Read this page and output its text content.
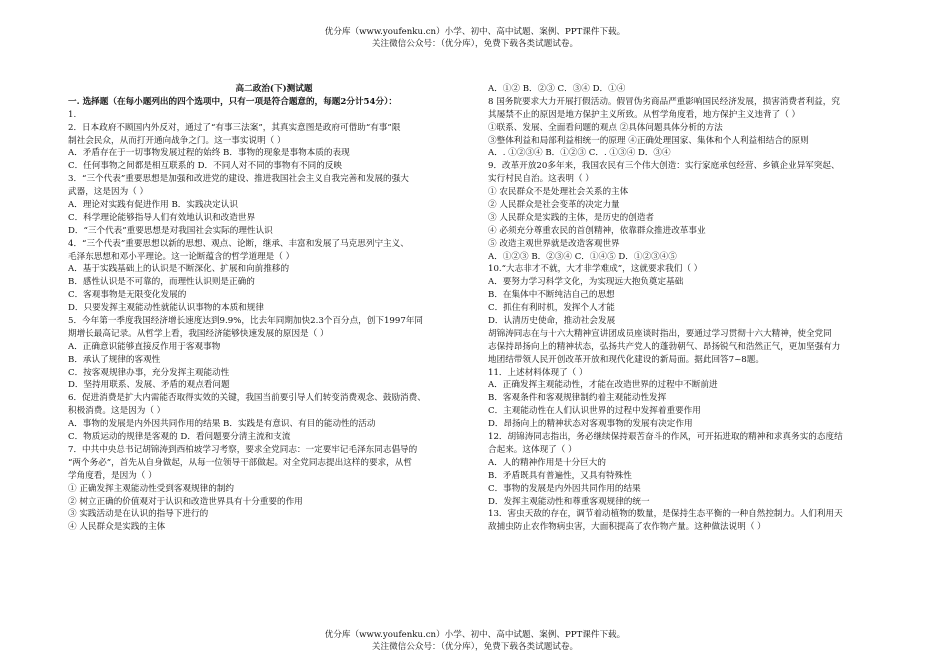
优分库（www.youfenku.cn）小学、初中、高中试题、案例、PPT课件下载。
关注微信公众号：（优分库），免费下载各类试题试卷。
高二政治(下)测试题
一. 选择题（在每小题列出的四个选项中，只有一项是符合题意的，每题2分计54分）：
1.
2．日本政府不顾国内外反对，通过了“有事三法案”，其真实意图是政府可借助“有事”限
制社会民众，从而打开通向战争之门。这一事实说明（ ）
A．矛盾存在于一切事物发展过程的始终 B．事物的现象是事物本质的表现
C．任何事物之间都是相互联系的 D．不同人对不同的事物有不同的反映
3．“三个代表”重要思想是加强和改进党的建设、推进我国社会主义自我完善和发展的强大
武器，这是因为（ ）
A．理论对实践有促进作用 B．实践决定认识
C．科学理论能够指导人们有效地认识和改造世界
D．“三个代表”重要思想是对我国社会实际的理性认识
4．“三个代表”重要思想以新的思想、观点、论断，继承、丰富和发展了马克思列宁主义、
毛泽东思想和邓小平理论。这一论断蕴含的哲学道理是（ ）
A．基于实践基础上的认识是不断深化、扩展和向前推移的
B．感性认识是不可靠的，而理性认识则是正确的
C．客观事物是无限变化发展的
D．只要发挥主观能动性就能认识事物的本质和规律
5．今年第一季度我国经济增长速度达到9.9%，比去年同期加快2.3个百分点，创下1997年同
期增长最高记录。从哲学上看，我国经济能够快速发展的原因是（ ）
A．正确意识能够直接反作用于客观事物
B．承认了规律的客观性
C．按客观规律办事，充分发挥主观能动性
D．坚持用联系、发展、矛盾的观点看问题
6．促进消费是扩大内需能否取得实效的关键，我国当前要引导人们转变消费观念、鼓励消费、
积极消费。这是因为（ ）
A．事物的发展是内外因共同作用的结果 B．实践是有意识、有目的能动性的活动
C．物质运动的规律是客观的 D．看问题要分清主流和支流
7．中共中央总书记胡锦涛到西柏坡学习考察，要求全党同志：一定要牢记毛泽东同志倡导的
“两个务必”，首先从自身做起，从每一位领导干部做起。对全党同志提出这样的要求，从哲
学角度看，是因为（ ）
① 正确发挥主观能动性受到客观规律的制约
② 树立正确的价值观对于认识和改造世界具有十分重要的作用
③ 实践活动是在认识的指导下进行的
④ 人民群众是实践的主体
A．①② B．②③ C．③④ D．①④
8 国务院要求大力开展打假活动。假冒伪劣商品严重影响国民经济发展，损害消费者利益，究
其屡禁不止的原因是地方保护主义所致。从哲学角度看，地方保护主义违背了（ ）
①联系、发展、全面看问题的观点 ②具体问题具体分析的方法
③整体利益和局部利益相统一的原理 ④正确处理国家、集体和个人利益相结合的原则
A．. ①②③④ B．①②③ C．. ①③④ D．③④
9．改革开放20多年来，我国农民有三个伟大创造：实行家庭承包经营、乡镇企业异军突起、
实行村民自治。这表明（ ）
① 农民群众不是处理社会关系的主体
② 人民群众是社会变革的决定力量
③ 人民群众是实践的主体，是历史的创造者
④ 必须充分尊重农民的首创精神，依靠群众推进改革事业
⑤ 改造主观世界就是改造客观世界
A．①②③ B．②③④ C．①④⑤ D．①②③④⑤
10.“大志非才不就，大才非学难成”，这就要求我们（ ）
A．要努力学习科学文化，为实现远大抱负奠定基础
B．在集体中不断纯洁自己的思想
C．抓住有利时机，发挥个人才能
D．认清历史使命，推动社会发展
胡锦涛同志在与十六大精神宣讲团成员座谈时指出，要通过学习贯彻十六大精神，使全党同
志保持昂扬向上的精神状态，弘扬共产党人的蓬勃朝气、昂扬锐气和浩然正气，更加坚强有力
地团结带领人民开创改革开放和现代化建设的新局面。据此回答7~8题。
11．上述材料体现了（ ）
A．正确发挥主观能动性，才能在改造世界的过程中不断前进
B．客观条件和客观规律制约着主观能动性发挥
C．主观能动性在人们认识世界的过程中发挥着重要作用
D．昂扬向上的精神状态对客观事物的发展有决定作用
12．胡锦涛同志指出，务必继续保持艰苦奋斗的作风，可开拓进取的精神和求真务实的态度结
合起来。这体现了（ ）
A．人的精神作用是十分巨大的
B．矛盾既具有普遍性，又具有特殊性
C．事物的发展是内外因共同作用的结果
D．发挥主观能动性和尊重客观规律的统一
13．害虫天敌的存在，调节着动植物的数量，是保持生态平衡的一种自然控制力。人们利用天
敌捕虫防止农作物病虫害，大面积提高了农作物产量。这种做法说明（ ）
优分库（www.youfenku.cn）小学、初中、高中试题、案例、PPT课件下载。
关注微信公众号：（优分库），免费下载各类试题试卷。
